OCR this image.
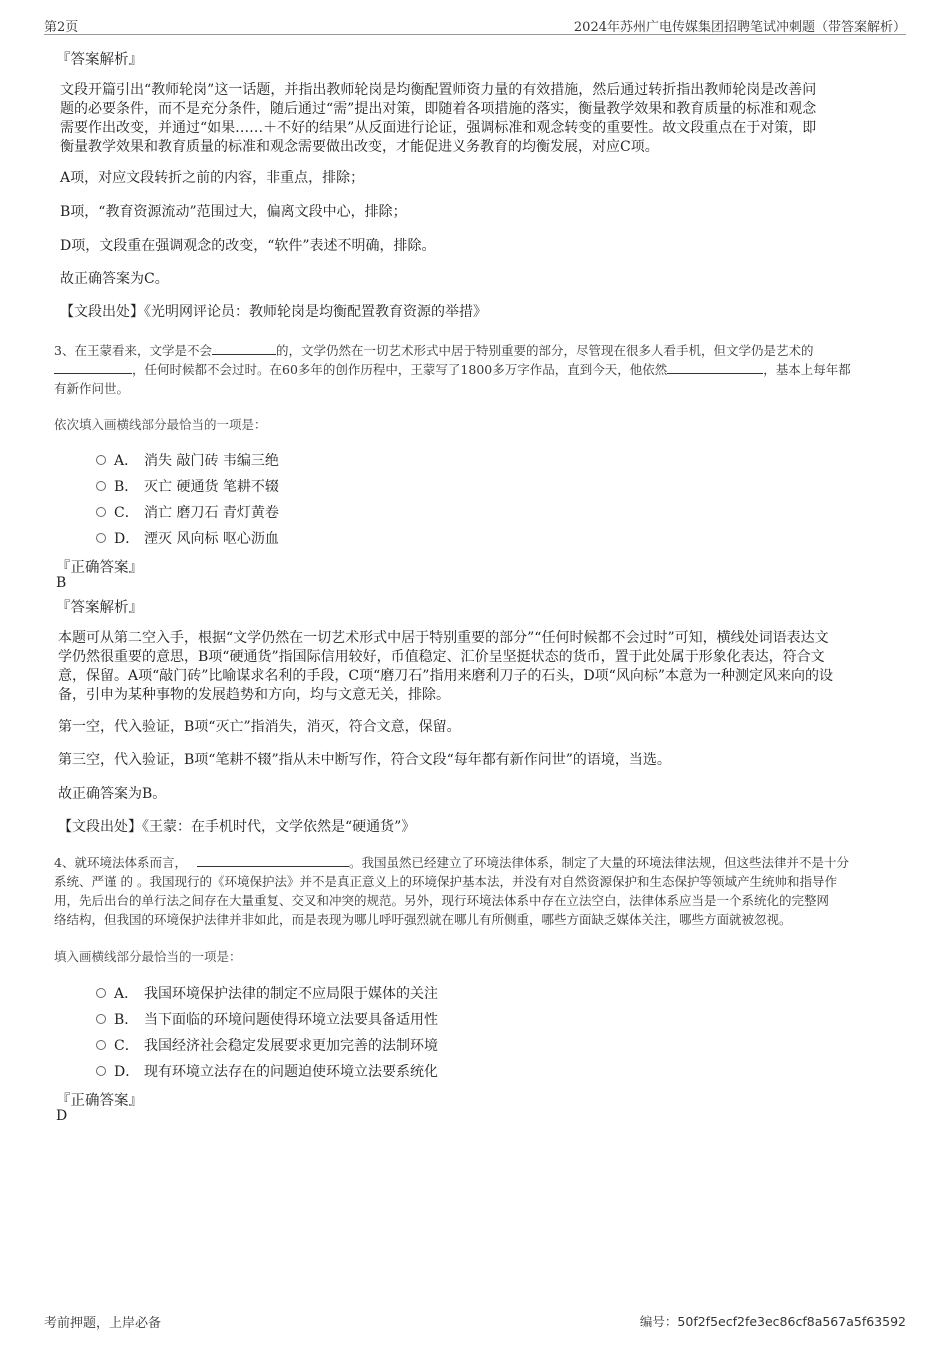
第2页	2024年苏州广电传媒集团招聘笔试冲刺题（带答案解析）
『答案解析』
文段开篇引出“教师轮岗”这一话题，并指出教师轮岗是均衡配置师资力量的有效措施，然后通过转折指出教师轮岗是改善问
题的必要条件，而不是充分条件，随后通过“需”提出对策，即随着各项措施的落实，衡量教学效果和教育质量的标准和观念
需要作出改变，并通过“如果……＋不好的结果”从反面进行论证，强调标准和观念转变的重要性。故文段重点在于对策，即
衡量教学效果和教育质量的标准和观念需要做出改变，才能促进义务教育的均衡发展，对应C项。
A项，对应文段转折之前的内容，非重点，排除；
B项，“教育资源流动”范围过大，偏离文段中心，排除；
D项，文段重在强调观念的改变，“软件”表述不明确，排除。
故正确答案为C。
【文段出处】《光明网评论员：教师轮岗是均衡配置教育资源的举措》
3、在王蒙看来，文学是不会	的，文学仍然在一切艺术形式中居于特别重要的部分，尽管现在很多人看手机，但文学仍是艺术的
，任何时候都不会过时。在60多年的创作历程中，王蒙写了1800多万字作品，直到今天，他依然	，基本上每年都
有新作问世。
依次填入画横线部分最恰当的一项是：
A． 消失 敲门砖 韦编三绝
B． 灭亡 硬通货 笔耕不辍
C． 消亡 磨刀石 青灯黄卷
D． 湮灭 风向标 呕心沥血
『正确答案』
B
『答案解析』
本题可从第二空入手，根据“文学仍然在一切艺术形式中居于特别重要的部分”“任何时候都不会过时”可知，横线处词语表达文
学仍然很重要的意思，B项“硬通货”指国际信用较好，币值稳定、汇价呈坚挺状态的货币，置于此处属于形象化表达，符合文
意，保留。A项“敲门砖”比喻谋求名利的手段，C项“磨刀石”指用来磨利刀子的石头，D项“风向标”本意为一种测定风来向的设
备，引申为某种事物的发展趋势和方向，均与文意无关，排除。
第一空，代入验证，B项“灭亡”指消失，消灭，符合文意，保留。
第三空，代入验证，B项“笔耕不辍”指从未中断写作，符合文段“每年都有新作问世”的语境，当选。
故正确答案为B。
【文段出处】《王蒙：在手机时代，文学依然是“硬通货”》
4、就环境法体系而言，	。我国虽然已经建立了环境法律体系，制定了大量的环境法律法规，但这些法律并不是十分
系统、严谨 的 。我国现行的《环境保护法》并不是真正意义上的环境保护基本法，并没有对自然资源保护和生态保护等领域产生统帅和指导作
用，先后出台的单行法之间存在大量重复、交叉和冲突的规范。另外，现行环境法体系中存在立法空白，法律体系应当是一个系统化的完整网
络结构，但我国的环境保护法律并非如此，而是表现为哪儿呼吁强烈就在哪儿有所侧重，哪些方面缺乏媒体关注，哪些方面就被忽视。
填入画横线部分最恰当的一项是：
A． 我国环境保护法律的制定不应局限于媒体的关注
B． 当下面临的环境问题使得环境立法要具备适用性
C． 我国经济社会稳定发展要求更加完善的法制环境
D． 现有环境立法存在的问题迫使环境立法要系统化
『正确答案』
D
考前押题，上岸必备	编号：50f2f5ecf2fe3ec86cf8a567a5f63592
